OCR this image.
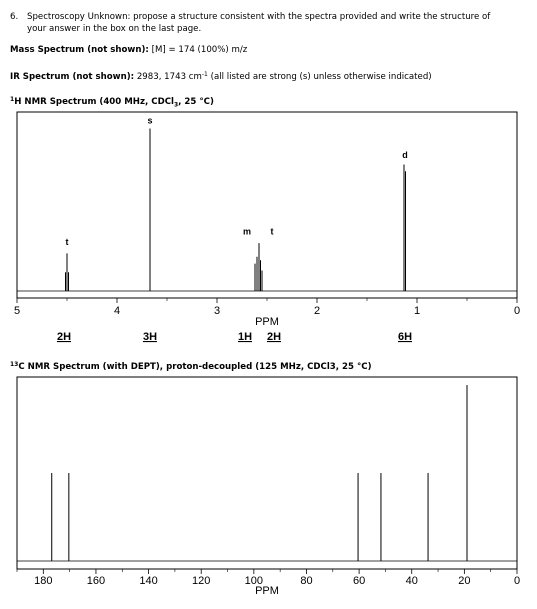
6. Spectroscopy Unknown: propose a structure consistent with the spectra provided and write the structure of
your answer in the box on the last page.
Mass Spectrum (not shown): [M] = 174 (100%) m/z
IR Spectrum (not shown): 2983, 1743 $cm^{-1}$ (all listed are strong (s) unless otherwise indicated)
$^1$H NMR Spectrum (400 MHz, CDCl$_3$, 25 °C)
$^{13}$C NMR Spectrum (with DEPT), proton-decoupled (125 MHz, CDCl3, 25 °C)
5	4	3	2	1	0
PPM
t
s
m t
d
2H	3H	1H 2H	6H
180	160	140	120	100	80	60	40	20	0
PPM
